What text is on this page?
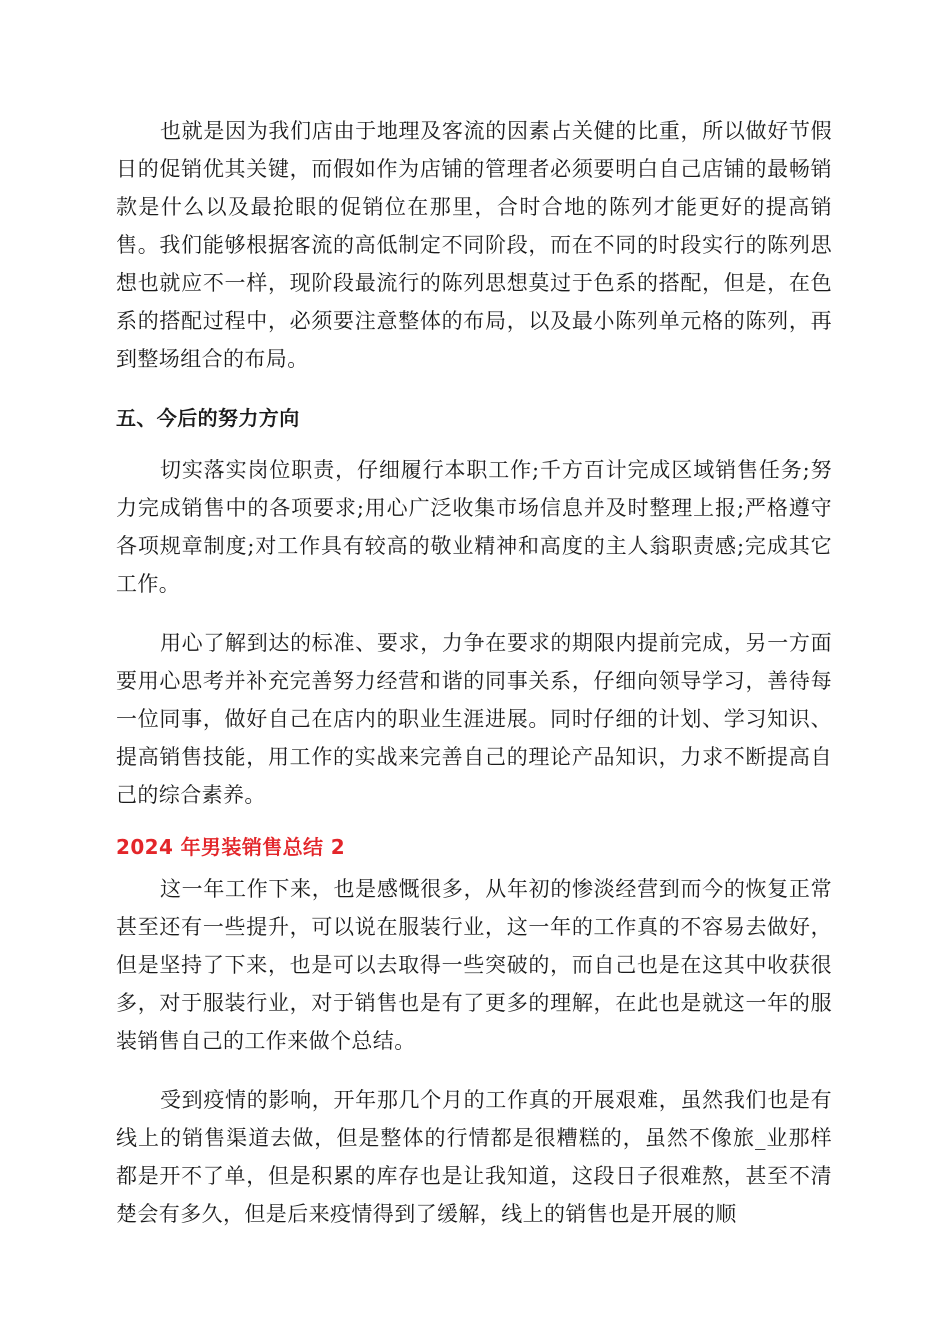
也就是因为我们店由于地理及客流的因素占关健的比重，所以做好节假日的促销优其关键，而假如作为店铺的管理者必须要明白自己店铺的最畅销款是什么以及最抢眼的促销位在那里，合时合地的陈列才能更好的提高销售。我们能够根据客流的高低制定不同阶段，而在不同的时段实行的陈列思想也就应不一样，现阶段最流行的陈列思想莫过于色系的搭配，但是，在色系的搭配过程中，必须要注意整体的布局，以及最小陈列单元格的陈列，再到整场组合的布局。

五、今后的努力方向

切实落实岗位职责，仔细履行本职工作;千方百计完成区域销售任务;努力完成销售中的各项要求;用心广泛收集市场信息并及时整理上报;严格遵守各项规章制度;对工作具有较高的敬业精神和高度的主人翁职责感;完成其它工作。

用心了解到达的标准、要求，力争在要求的期限内提前完成，另一方面要用心思考并补充完善努力经营和谐的同事关系，仔细向领导学习，善待每一位同事，做好自己在店内的职业生涯进展。同时仔细的计划、学习知识、提高销售技能，用工作的实战来完善自己的理论产品知识，力求不断提高自己的综合素养。

2024 年男装销售总结 2

这一年工作下来，也是感慨很多，从年初的惨淡经营到而今的恢复正常甚至还有一些提升，可以说在服装行业，这一年的工作真的不容易去做好，但是坚持了下来，也是可以去取得一些突破的，而自己也是在这其中收获很多，对于服装行业，对于销售也是有了更多的理解，在此也是就这一年的服装销售自己的工作来做个总结。

受到疫情的影响，开年那几个月的工作真的开展艰难，虽然我们也是有线上的销售渠道去做，但是整体的行情都是很糟糕的，虽然不像旅_业那样都是开不了单，但是积累的库存也是让我知道，这段日子很难熬，甚至不清楚会有多久，但是后来疫情得到了缓解，线上的销售也是开展的顺
